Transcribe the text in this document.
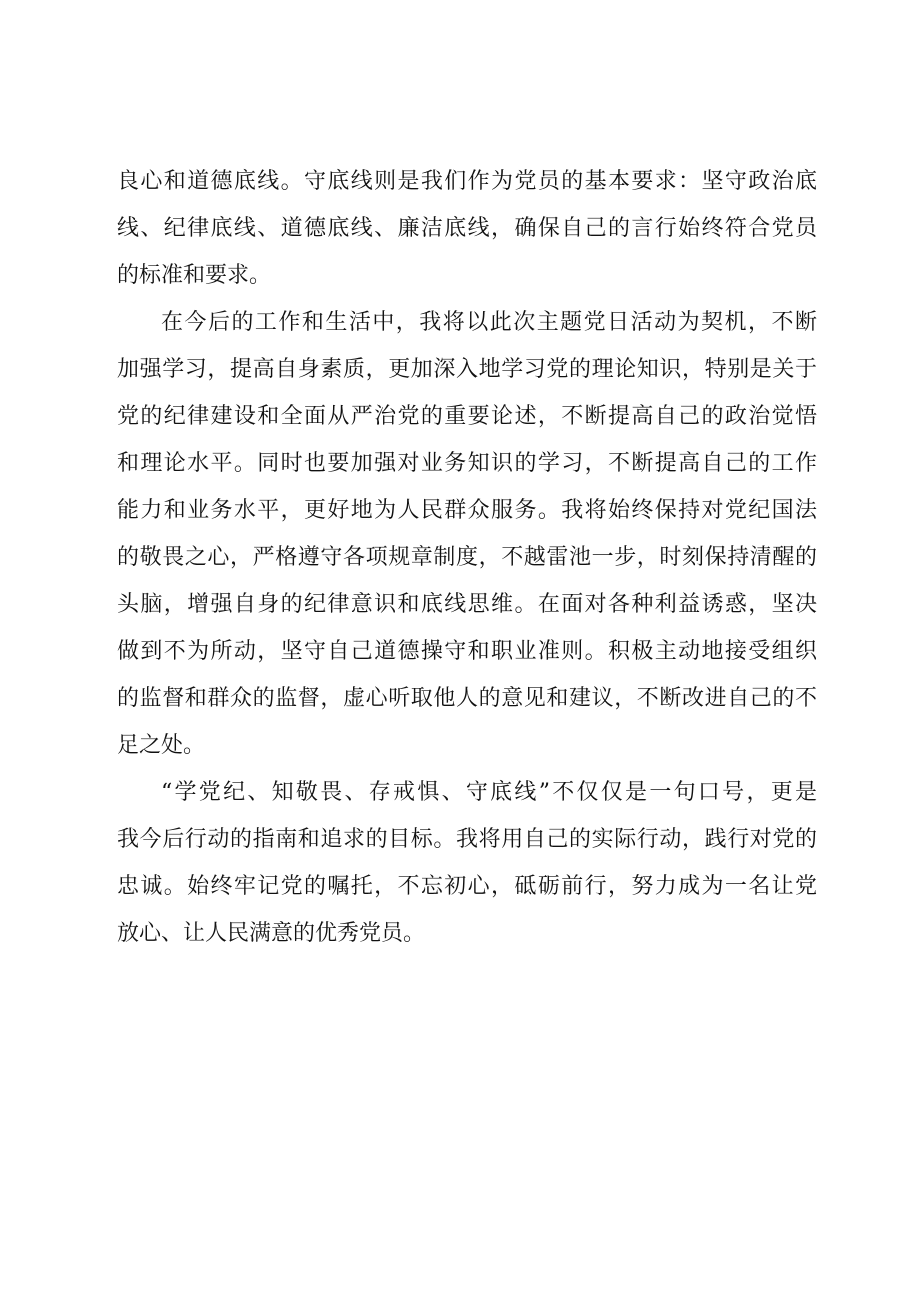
良心和道德底线。守底线则是我们作为党员的基本要求：坚守政治底
线、纪律底线、道德底线、廉洁底线，确保自己的言行始终符合党员
的标准和要求。
在今后的工作和生活中，我将以此次主题党日活动为契机，不断
加强学习，提高自身素质，更加深入地学习党的理论知识，特别是关于
党的纪律建设和全面从严治党的重要论述，不断提高自己的政治觉悟
和理论水平。同时也要加强对业务知识的学习，不断提高自己的工作
能力和业务水平，更好地为人民群众服务。我将始终保持对党纪国法
的敬畏之心，严格遵守各项规章制度，不越雷池一步，时刻保持清醒的
头脑，增强自身的纪律意识和底线思维。在面对各种利益诱惑，坚决
做到不为所动，坚守自己道德操守和职业准则。积极主动地接受组织
的监督和群众的监督，虚心听取他人的意见和建议，不断改进自己的不
足之处。
“学党纪、知敬畏、存戒惧、守底线”不仅仅是一句口号，更是
我今后行动的指南和追求的目标。我将用自己的实际行动，践行对党的
忠诚。始终牢记党的嘱托，不忘初心，砥砺前行，努力成为一名让党
放心、让人民满意的优秀党员。
